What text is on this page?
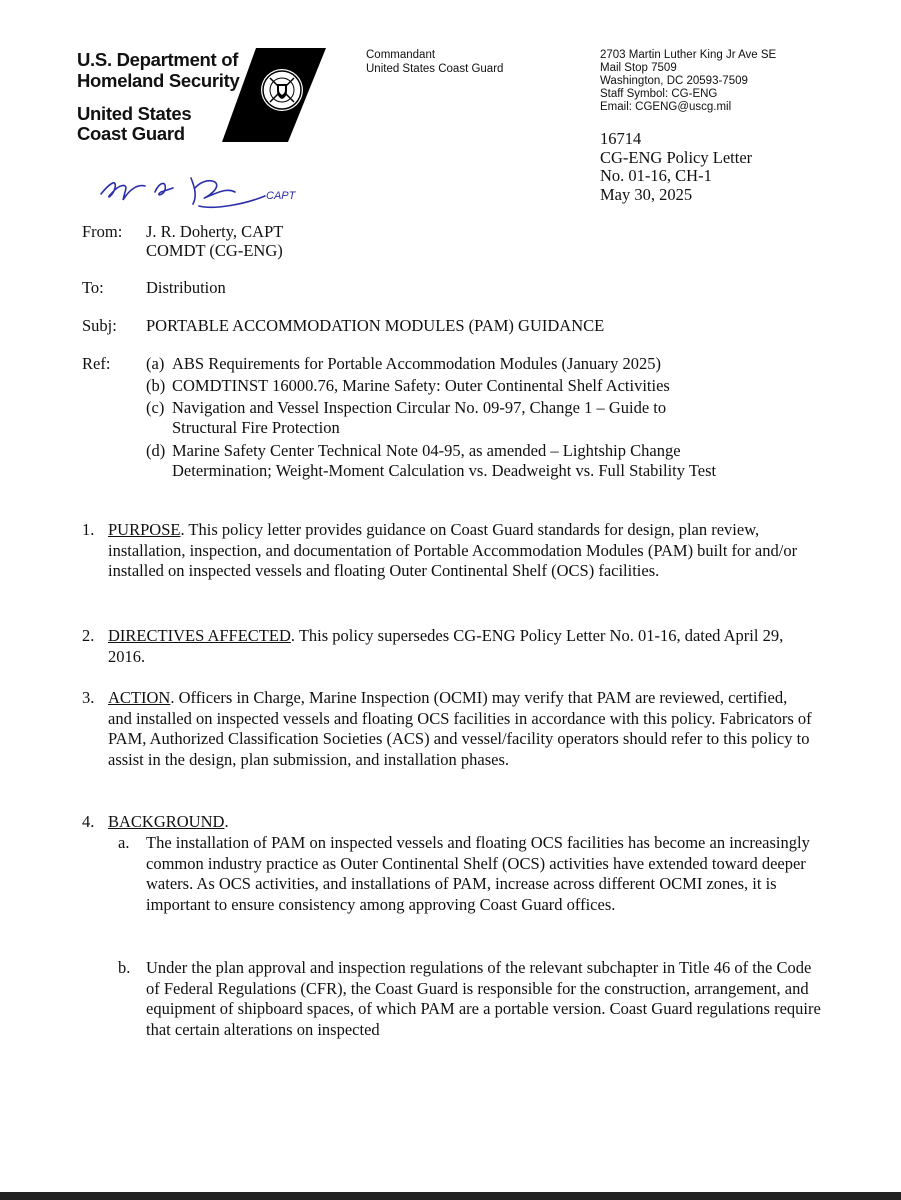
U.S. Department of
Homeland Security
United States
Coast Guard
Commandant
United States Coast Guard
2703 Martin Luther King Jr Ave SE
Mail Stop 7509
Washington, DC 20593-7509
Staff Symbol: CG-ENG
Email: CGENG@uscg.mil
16714
CG-ENG Policy Letter
No. 01-16, CH-1
May 30, 2025
CAPT
From: J. R. Doherty, CAPT
COMDT (CG-ENG)
To:	Distribution
Subj: PORTABLE ACCOMMODATION MODULES (PAM) GUIDANCE
Ref: (a) ABS Requirements for Portable Accommodation Modules (January 2025)
(b) COMDTINST 16000.76, Marine Safety: Outer Continental Shelf Activities
(c) Navigation and Vessel Inspection Circular No. 09-97, Change 1 – Guide to
Structural Fire Protection
(d) Marine Safety Center Technical Note 04-95, as amended – Lightship Change
Determination; Weight-Moment Calculation vs. Deadweight vs. Full Stability Test
1. PURPOSE. This policy letter provides guidance on Coast Guard standards for design, plan review, installation, inspection, and documentation of Portable Accommodation Modules (PAM) built for and/or installed on inspected vessels and floating Outer Continental Shelf (OCS) facilities.
2. DIRECTIVES AFFECTED. This policy supersedes CG-ENG Policy Letter No. 01-16, dated April 29, 2016.
3. ACTION. Officers in Charge, Marine Inspection (OCMI) may verify that PAM are reviewed, certified, and installed on inspected vessels and floating OCS facilities in accordance with this policy. Fabricators of PAM, Authorized Classification Societies (ACS) and vessel/facility operators should refer to this policy to assist in the design, plan submission, and installation phases.
4. BACKGROUND.
a. The installation of PAM on inspected vessels and floating OCS facilities has become an increasingly common industry practice as Outer Continental Shelf (OCS) activities have extended toward deeper waters. As OCS activities, and installations of PAM, increase across different OCMI zones, it is important to ensure consistency among approving Coast Guard offices.
b. Under the plan approval and inspection regulations of the relevant subchapter in Title 46 of the Code of Federal Regulations (CFR), the Coast Guard is responsible for the construction, arrangement, and equipment of shipboard spaces, of which PAM are a portable version. Coast Guard regulations require that certain alterations on inspected
